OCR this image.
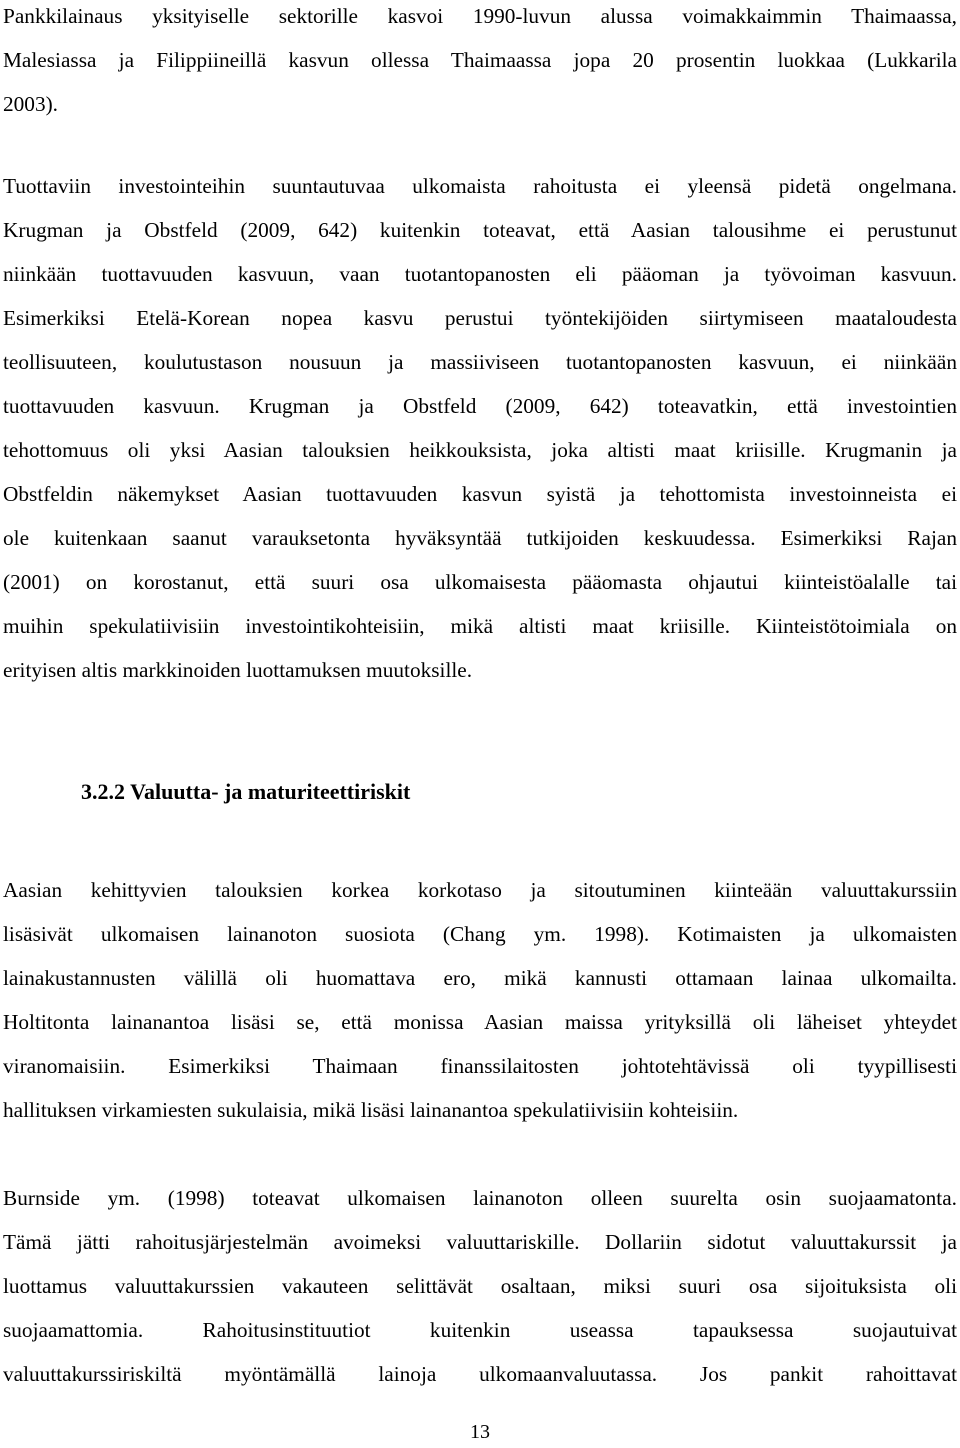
Pankkilainaus yksityiselle sektorille kasvoi 1990-luvun alussa voimakkaimmin Thaimaassa,
Malesiassa ja Filippiineillä kasvun ollessa Thaimaassa jopa 20 prosentin luokkaa (Lukkarila
2003).
Tuottaviin investointeihin suuntautuvaa ulkomaista rahoitusta ei yleensä pidetä ongelmana.
Krugman ja Obstfeld (2009, 642) kuitenkin toteavat, että Aasian talousihme ei perustunut
niinkään tuottavuuden kasvuun, vaan tuotantopanosten eli pääoman ja työvoiman kasvuun.
Esimerkiksi Etelä-Korean nopea kasvu perustui työntekijöiden siirtymiseen maataloudesta
teollisuuteen, koulutustason nousuun ja massiiviseen tuotantopanosten kasvuun, ei niinkään
tuottavuuden kasvuun. Krugman ja Obstfeld (2009, 642) toteavatkin, että investointien
tehottomuus oli yksi Aasian talouksien heikkouksista, joka altisti maat kriisille. Krugmanin ja
Obstfeldin näkemykset Aasian tuottavuuden kasvun syistä ja tehottomista investoinneista ei
ole kuitenkaan saanut varauksetonta hyväksyntää tutkijoiden keskuudessa. Esimerkiksi Rajan
(2001) on korostanut, että suuri osa ulkomaisesta pääomasta ohjautui kiinteistöalalle tai
muihin spekulatiivisiin investointikohteisiin, mikä altisti maat kriisille. Kiinteistötoimiala on
erityisen altis markkinoiden luottamuksen muutoksille.
3.2.2 Valuutta- ja maturiteettiriskit
Aasian kehittyvien talouksien korkea korkotaso ja sitoutuminen kiinteään valuuttakurssiin
lisäsivät ulkomaisen lainanoton suosiota (Chang ym. 1998). Kotimaisten ja ulkomaisten
lainakustannusten välillä oli huomattava ero, mikä kannusti ottamaan lainaa ulkomailta.
Holtitonta lainanantoa lisäsi se, että monissa Aasian maissa yrityksillä oli läheiset yhteydet
viranomaisiin. Esimerkiksi Thaimaan finanssilaitosten johtotehtävissä oli tyypillisesti
hallituksen virkamiesten sukulaisia, mikä lisäsi lainanantoa spekulatiivisiin kohteisiin.
Burnside ym. (1998) toteavat ulkomaisen lainanoton olleen suurelta osin suojaamatonta.
Tämä jätti rahoitusjärjestelmän avoimeksi valuuttariskille. Dollariin sidotut valuuttakurssit ja
luottamus valuuttakurssien vakauteen selittävät osaltaan, miksi suuri osa sijoituksista oli
suojaamattomia. Rahoitusinstituutiot kuitenkin useassa tapauksessa suojautuivat
valuuttakurssiriskiltä myöntämällä lainoja ulkomaanvaluutassa. Jos pankit rahoittavat
13
